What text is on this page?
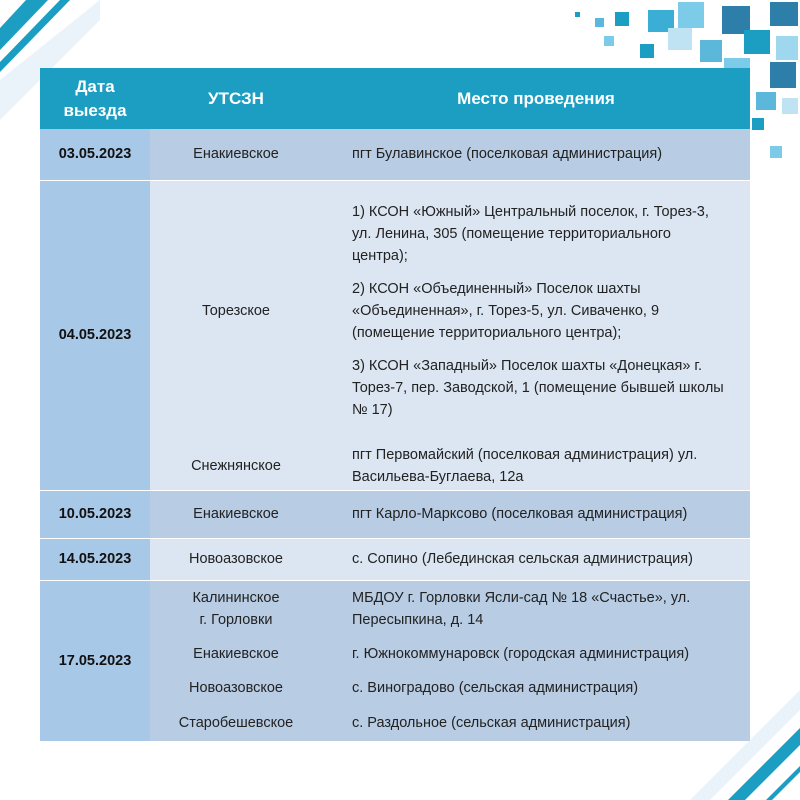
Дата выезда	УТСЗН	Место проведения
03.05.2023	Енакиевское	пгт Булавинское (поселковая администрация)

04.05.2023	Торезское	1) КСОН «Южный» Центральный поселок, г. Торез-3, ул. Ленина, 305 (помещение территориального центра);

2) КСОН «Объединенный» Поселок шахты «Объединенная», г. Торез-5, ул. Сиваченко, 9 (помещение территориального центра);

3) КСОН «Западный» Поселок шахты «Донецкая» г. Торез-7, пер. Заводской, 1 (помещение бывшей школы № 17)

	Снежнянское	пгт Первомайский (поселковая администрация) ул. Васильева-Буглаева, 12а

10.05.2023	Енакиевское	пгт Карло-Марксово (поселковая администрация)

14.05.2023	Новоазовское	с. Сопино (Лебединская сельская администрация)

17.05.2023	Калининское г. Горловки	МБДОУ г. Горловки Ясли-сад № 18 «Счастье», ул. Пересыпкина, д. 14

	Енакиевское	г. Южнокоммунаровск (городская администрация)

	Новоазовское	с. Виноградово (сельская администрация)

	Старобешевское	с. Раздольное (сельская администрация)
